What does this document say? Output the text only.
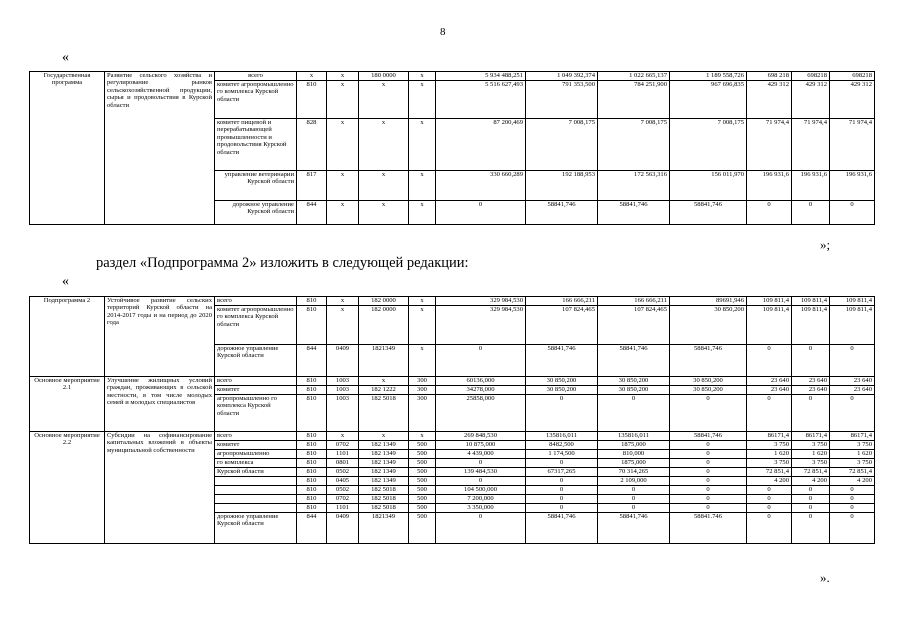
8
«
Государственная программа	Развитие сельского хозяйства и регулирование рынков сельскохозяйственной продукции, сырья и продовольствия в Курской области	всего	х	х	180 0000	х	5 934 488,251	1 049 392,374	1 022 665,137	1 189 558,726	698 218	698218	698218
		комитет агропромышленно го комплекса Курской области	810	х	х	х	5 516 627,493	791 353,500	784 251,900	967 696,835	429 312	429 312	429 312
		комитет пищевой и перерабатывающей промышленности и продовольствия Курской области	828	х	х	х	87 200,469	7 008,175	7 008,175	7 008,175	71 974,4	71 974,4	71 974,4
		управление ветеринарии Курской области	817	х	х	х	330 660,289	192 188,953	172 563,316	156 011,970	196 931,6	196 931,6	196 931,6
		дорожное управление Курской области	844	х	х	х	0	58841,746	58841,746	58841,746	0	0	0
»;
раздел «Подпрограмма 2» изложить в следующей редакции:
«
Подпрограмма 2	Устойчивое развитие сельских территорий Курской области на 2014-2017 годы и на период до 2020 года	всего	810	х	182 0000	х	329 984,530	166 666,211	166 666,211	89691,946	109 811,4	109 811,4	109 811,4
		комитет агропромышленно го комплекса Курской области	810	х	182 0000	х	329 984,530	107 824,465	107 824,465	30 850,200	109 811,4	109 811,4	109 811,4
		дорожное управление Курской области	844	0409	1821349	х	0	58841,746	58841,746	58841,746	0	0	0
Основное мероприятие 2.1	Улучшение жилищных условий граждан, проживающих в сельской местности, в том числе молодых семей и молодых специалистов	всего	810	1003	х	300	60136,000	30 850,200	30 850,200	30 850,200	23 640	23 640	23 640
		комитет	810	1003	182 1222	300	34278,000	30 850,200	30 850,200	30 850,200	23 640	23 640	23 640
		агропромышленно го комплекса Курской области	810	1003	182 5018	300	25858,000	0	0	0	0	0	0
Основное мероприятие 2.2	Субсидии на софинансирование капитальных вложений в объекты муниципальной собственности	всего	810	х	х	х	269 848,530	135816,011	135816,011	58841,746	86171,4	86171,4	86171,4
		комитет	810	0702	182 1349	500	10 875,000	8482,500	1875,000	0	3 750	3 750	3 750
		агропромышленно	810	1101	182 1349	500	4 439,000	1 174,500	810,000	0	1 620	1 620	1 620
		го комплекса	810	0801	182 1349	500	0	0	1875,000	0	3 750	3 750	3 750
		Курской области	810	0502	182 1349	500	139 484,530	67317,265	70 314,265	0	72 851,4	72 851,4	72 851,4
			810	0405	182 1349	500	0	0	2 109,000	0	4 200	4 200	4 200
			810	0502	182 5018	500	104 500,000	0	0	0	0	0	0
			810	0702	182 5018	500	7 200,000	0	0	0	0	0	0
			810	1101	182 5018	500	3 350,000	0	0	0	0	0	0
		дорожное управление Курской области	844	0409	1821349	500	0	58841,746	58841,746	58841.746	0	0	0
».
